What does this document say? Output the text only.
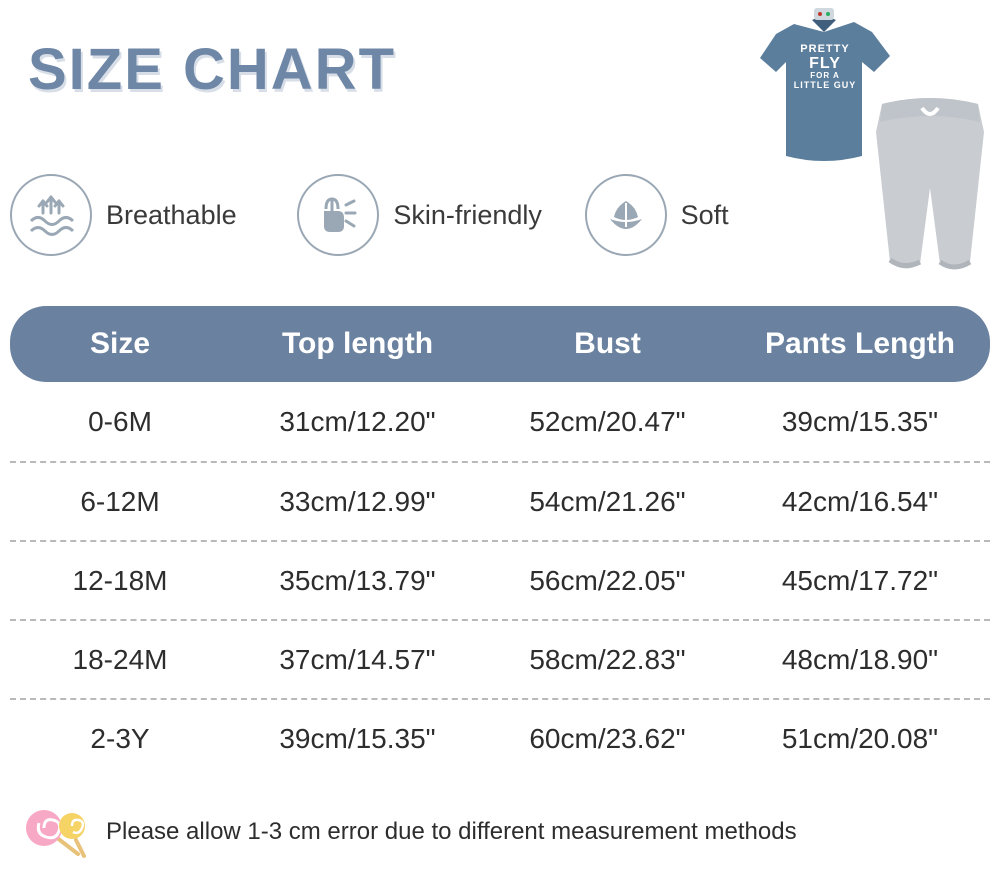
SIZE CHART	PRETTY
FLY
FOR A
LITTLE GUY
Breathable	Skin-friendly	Soft
Size	Top length	Bust	Pants Length
0-6M	31cm/12.20"	52cm/20.47"	39cm/15.35"
6-12M	33cm/12.99"	54cm/21.26"	42cm/16.54"
12-18M	35cm/13.79"	56cm/22.05"	45cm/17.72"
18-24M	37cm/14.57"	58cm/22.83"	48cm/18.90"
2-3Y	39cm/15.35"	60cm/23.62"	51cm/20.08"
Please allow 1-3 cm error due to different measurement methods
